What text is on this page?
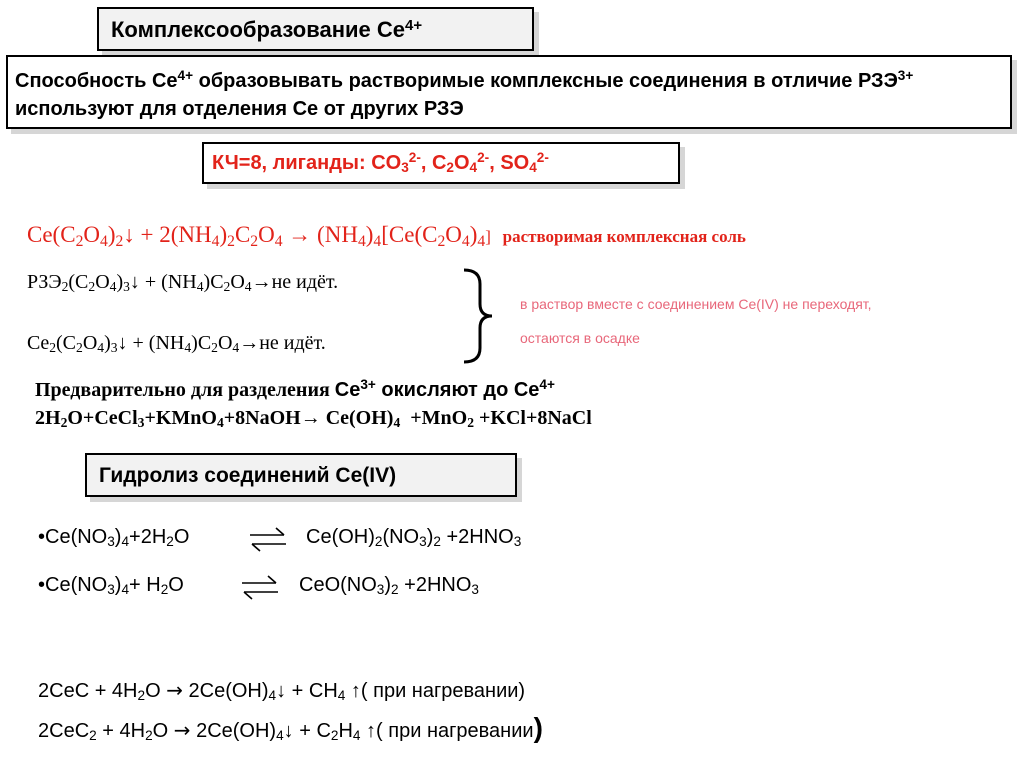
Комплексообразование $Се^{4+}$
Способность $Се^{4+}$ образовывать растворимые комплексные соединения в отличие $РЗЭ^{3+}$ используют для отделения Се от других РЗЭ
КЧ=8, лиганды: $CO_3^{2-}$, $C_2O_4^{2-}$, $SO_4^{2-}$
$Ce(C_2O_4)_2↓ + 2(NH_4)_2C_2O_4 \to (NH_4)_4[Ce(C_2O_4)_4]$ растворимая комплексная соль
$РЗЭ_2(C_2O_4)_3↓ + (NH_4)C_2O_4\to не$ идёт.
$Ce_2(C_2O_4)_3↓ + (NH_4)C_2O_4\to не$ идёт.
в раствор вместе с соединением Се(IV) не переходят,
остаются в осадке
Предварительно для разделения $Се^{3+}$ окисляют до $Се^{4+}$
$2H_2O+CeCl_3+KMnO_4+8NaOH\to Ce(OH)_4 +MnO_2$ +KCl+8NaCl
Гидролиз соединений Се(IV)
$•Ce(NO_3)_4+2H_2O$	⇌ $Ce(OH)_2(NO_3)_2 +2HNO_3$
$•Ce(NO_3)_4+ H_2O$	⇌ $CeO(NO_3)_2 +2HNO_3$
$2CeC + 4H_2O$ → $2Ce(OH)_4↓ + CH_4$ ↑( при нагревании)
$2CeC_2 + 4H_2O$ → $2Ce(OH)_4↓ + C_2H_4$ ↑( при нагревании)
